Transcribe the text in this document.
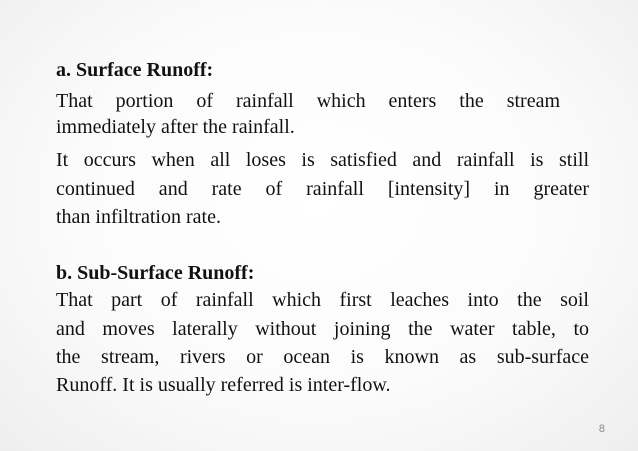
a. Surface Runoff:
That portion of rainfall which enters the stream
immediately after the rainfall.
It occurs when all loses is satisfied and rainfall is still
continued and rate of rainfall [intensity] in greater
than infiltration rate.
b. Sub-Surface Runoff:
That part of rainfall which first leaches into the soil
and moves laterally without joining the water table, to
the stream, rivers or ocean is known as sub-surface
Runoff. It is usually referred is inter-flow.
8
